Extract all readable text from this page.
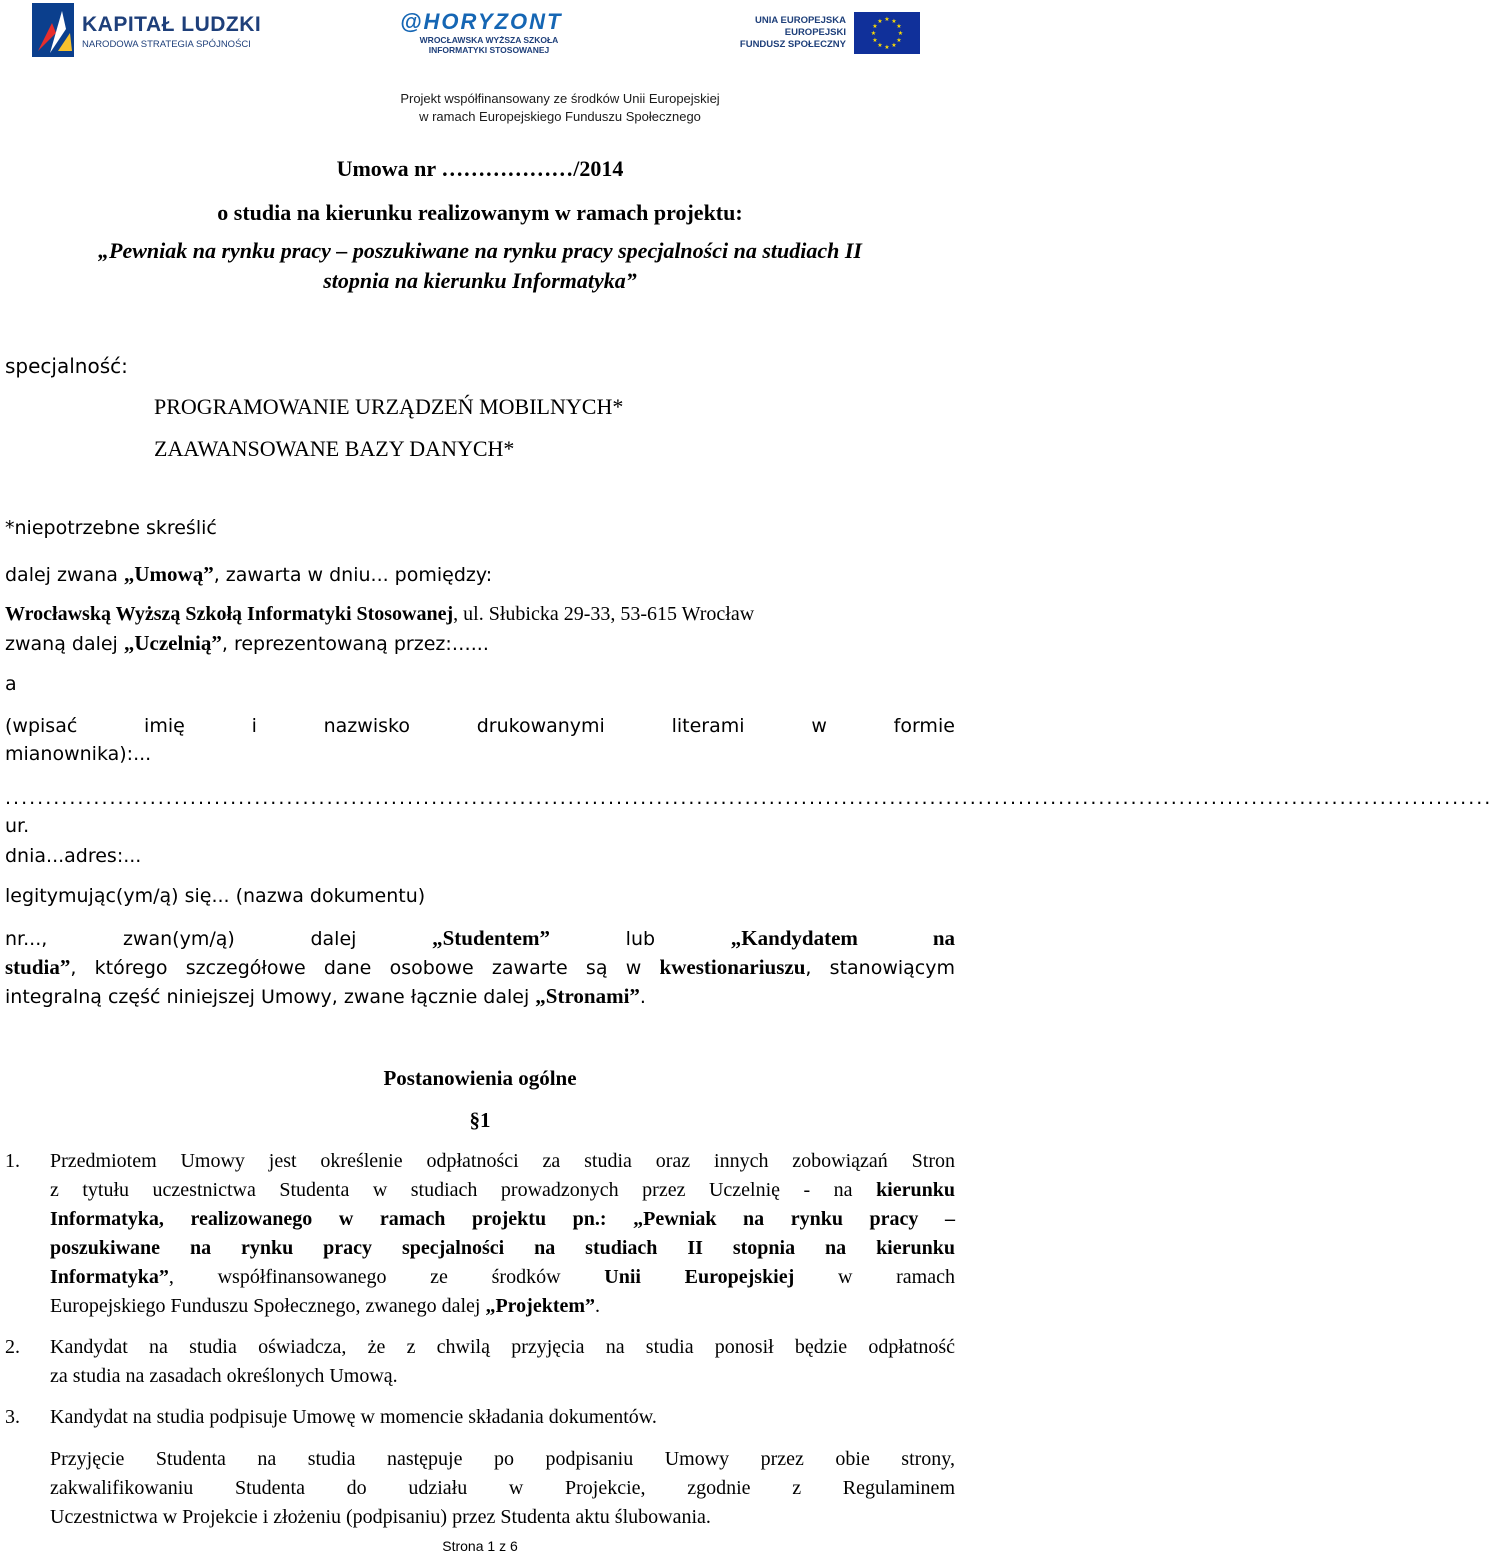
KAPITAŁ LUDZKI
NARODOWA STRATEGIA SPÓJNOŚCI
@HORYZONT
WROCŁAWSKA WYŻSZA SZKOŁA
INFORMATYKI STOSOWANEJ
UNIA EUROPEJSKA
EUROPEJSKI
FUNDUSZ SPOŁECZNY
★ ★
★
★
★
★
★
★
★
★
★
★
Projekt współfinansowany ze środków Unii Europejskiej
w ramach Europejskiego Funduszu Społecznego
Umowa nr ………………/2014
o studia na kierunku realizowanym w ramach projektu:
„Pewniak na rynku pracy – poszukiwane na rynku pracy specjalności na studiach II
stopnia na kierunku Informatyka”
specjalność:
PROGRAMOWANIE URZĄDZEŃ MOBILNYCH*
ZAAWANSOWANE BAZY DANYCH*
*niepotrzebne skreślić
dalej zwana „Umową”, zawarta w dniu... pomiędzy:
Wrocławską Wyższą Szkołą Informatyki Stosowanej, ul. Słubicka 29-33, 53-615 Wrocław
zwaną dalej „Uczelnią”, reprezentowaną przez:…...
a
(wpisać	imię	i	nazwisko	drukowanymi	literami	w	formie
mianownika):...
.........................................................................................................................................................................................
ur.
dnia...adres:...
legitymując(ym/ą) się... (nazwa dokumentu)
nr..., zwan(ym/ą) dalej „Studentem” lub „Kandydatem na
studia”, którego szczegółowe dane osobowe zawarte są w kwestionariuszu, stanowiącym
integralną część niniejszej Umowy, zwane łącznie dalej „Stronami”.
Postanowienia ogólne
§1
1. Przedmiotem Umowy jest określenie odpłatności za studia oraz innych zobowiązań Stron
z tytułu uczestnictwa Studenta w studiach prowadzonych przez Uczelnię - na kierunku
Informatyka, realizowanego w ramach projektu pn.: „Pewniak na rynku pracy –
poszukiwane na rynku pracy specjalności na studiach II stopnia na kierunku
Informatyka”, współfinansowanego ze środków Unii Europejskiej w ramach
Europejskiego Funduszu Społecznego, zwanego dalej „Projektem”.
2. Kandydat na studia oświadcza, że z chwilą przyjęcia na studia ponosił będzie odpłatność
za studia na zasadach określonych Umową.
3. Kandydat na studia podpisuje Umowę w momencie składania dokumentów.
Przyjęcie Studenta na studia następuje po podpisaniu Umowy przez obie strony,
zakwalifikowaniu Studenta do udziału w Projekcie, zgodnie z Regulaminem
Uczestnictwa w Projekcie i złożeniu (podpisaniu) przez Studenta aktu ślubowania.
Strona 1 z 6
